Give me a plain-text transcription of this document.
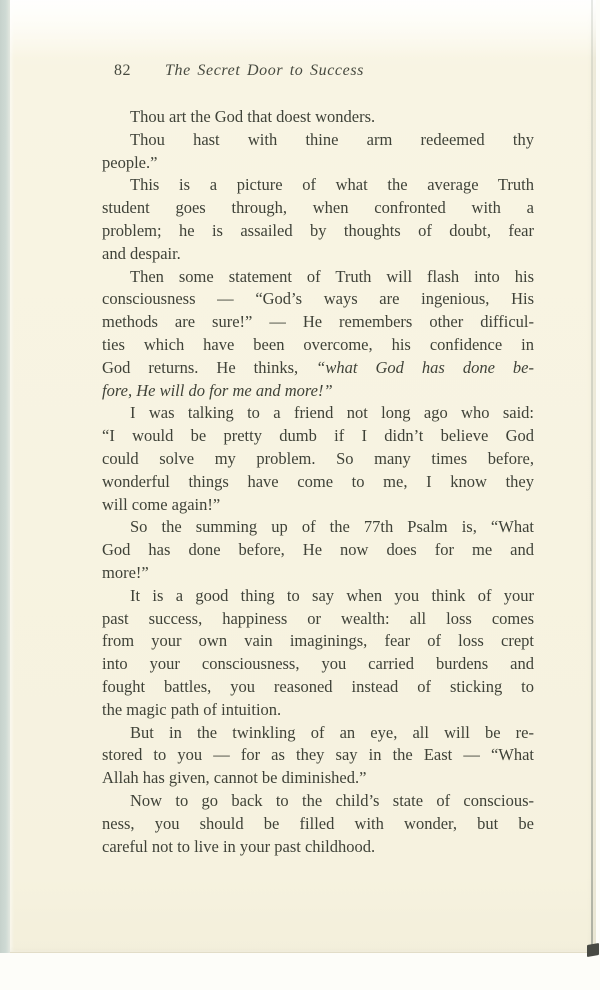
82 The Secret Door to Success
Thou art the God that doest wonders.
Thou hast with thine arm redeemed thy
people.”
This is a picture of what the average Truth
student goes through, when confronted with a
problem; he is assailed by thoughts of doubt, fear
and despair.
Then some statement of Truth will flash into his
consciousness — “God’s ways are ingenious, His
methods are sure!” — He remembers other difficul-
ties which have been overcome, his confidence in
God returns. He thinks, “what God has done be-
fore, He will do for me and more!”
I was talking to a friend not long ago who said:
“I would be pretty dumb if I didn’t believe God
could solve my problem. So many times before,
wonderful things have come to me, I know they
will come again!”
So the summing up of the 77th Psalm is, “What
God has done before, He now does for me and
more!”
It is a good thing to say when you think of your
past success, happiness or wealth: all loss comes
from your own vain imaginings, fear of loss crept
into your consciousness, you carried burdens and
fought battles, you reasoned instead of sticking to
the magic path of intuition.
But in the twinkling of an eye, all will be re-
stored to you — for as they say in the East — “What
Allah has given, cannot be diminished.”
Now to go back to the child’s state of conscious-
ness, you should be filled with wonder, but be
careful not to live in your past childhood.
